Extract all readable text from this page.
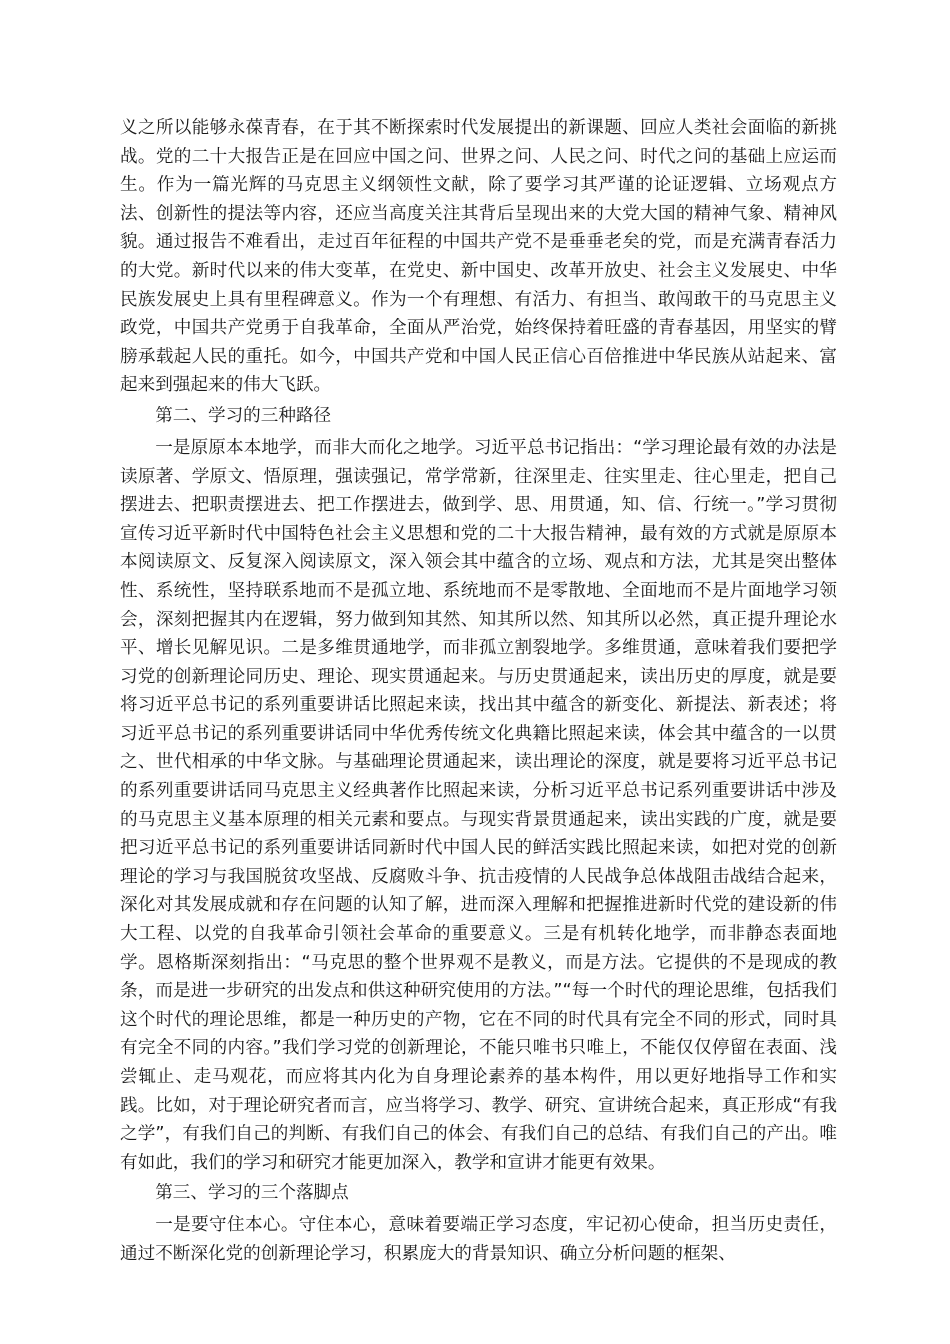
义之所以能够永葆青春，在于其不断探索时代发展提出的新课题、回应人类社会面临的新挑战。党的二十大报告正是在回应中国之问、世界之问、人民之问、时代之问的基础上应运而生。作为一篇光辉的马克思主义纲领性文献，除了要学习其严谨的论证逻辑、立场观点方法、创新性的提法等内容，还应当高度关注其背后呈现出来的大党大国的精神气象、精神风貌。通过报告不难看出，走过百年征程的中国共产党不是垂垂老矣的党，而是充满青春活力的大党。新时代以来的伟大变革，在党史、新中国史、改革开放史、社会主义发展史、中华民族发展史上具有里程碑意义。作为一个有理想、有活力、有担当、敢闯敢干的马克思主义政党，中国共产党勇于自我革命，全面从严治党，始终保持着旺盛的青春基因，用坚实的臂膀承载起人民的重托。如今，中国共产党和中国人民正信心百倍推进中华民族从站起来、富起来到强起来的伟大飞跃。

第二、学习的三种路径

一是原原本本地学，而非大而化之地学。习近平总书记指出：“学习理论最有效的办法是读原著、学原文、悟原理，强读强记，常学常新，往深里走、往实里走、往心里走，把自己摆进去、把职责摆进去、把工作摆进去，做到学、思、用贯通，知、信、行统一。”学习贯彻宣传习近平新时代中国特色社会主义思想和党的二十大报告精神，最有效的方式就是原原本本阅读原文、反复深入阅读原文，深入领会其中蕴含的立场、观点和方法，尤其是突出整体性、系统性，坚持联系地而不是孤立地、系统地而不是零散地、全面地而不是片面地学习领会，深刻把握其内在逻辑，努力做到知其然、知其所以然、知其所以必然，真正提升理论水平、增长见解见识。二是多维贯通地学，而非孤立割裂地学。多维贯通，意味着我们要把学习党的创新理论同历史、理论、现实贯通起来。与历史贯通起来，读出历史的厚度，就是要将习近平总书记的系列重要讲话比照起来读，找出其中蕴含的新变化、新提法、新表述；将习近平总书记的系列重要讲话同中华优秀传统文化典籍比照起来读，体会其中蕴含的一以贯之、世代相承的中华文脉。与基础理论贯通起来，读出理论的深度，就是要将习近平总书记的系列重要讲话同马克思主义经典著作比照起来读，分析习近平总书记系列重要讲话中涉及的马克思主义基本原理的相关元素和要点。与现实背景贯通起来，读出实践的广度，就是要把习近平总书记的系列重要讲话同新时代中国人民的鲜活实践比照起来读，如把对党的创新理论的学习与我国脱贫攻坚战、反腐败斗争、抗击疫情的人民战争总体战阻击战结合起来，深化对其发展成就和存在问题的认知了解，进而深入理解和把握推进新时代党的建设新的伟大工程、以党的自我革命引领社会革命的重要意义。三是有机转化地学，而非静态表面地学。恩格斯深刻指出：“马克思的整个世界观不是教义，而是方法。它提供的不是现成的教条，而是进一步研究的出发点和供这种研究使用的方法。”“每一个时代的理论思维，包括我们这个时代的理论思维，都是一种历史的产物，它在不同的时代具有完全不同的形式，同时具有完全不同的内容。”我们学习党的创新理论，不能只唯书只唯上，不能仅仅停留在表面、浅尝辄止、走马观花，而应将其内化为自身理论素养的基本构件，用以更好地指导工作和实践。比如，对于理论研究者而言，应当将学习、教学、研究、宣讲统合起来，真正形成“有我之学”，有我们自己的判断、有我们自己的体会、有我们自己的总结、有我们自己的产出。唯有如此，我们的学习和研究才能更加深入，教学和宣讲才能更有效果。

第三、学习的三个落脚点

一是要守住本心。守住本心，意味着要端正学习态度，牢记初心使命，担当历史责任，通过不断深化党的创新理论学习，积累庞大的背景知识、确立分析问题的框架、
